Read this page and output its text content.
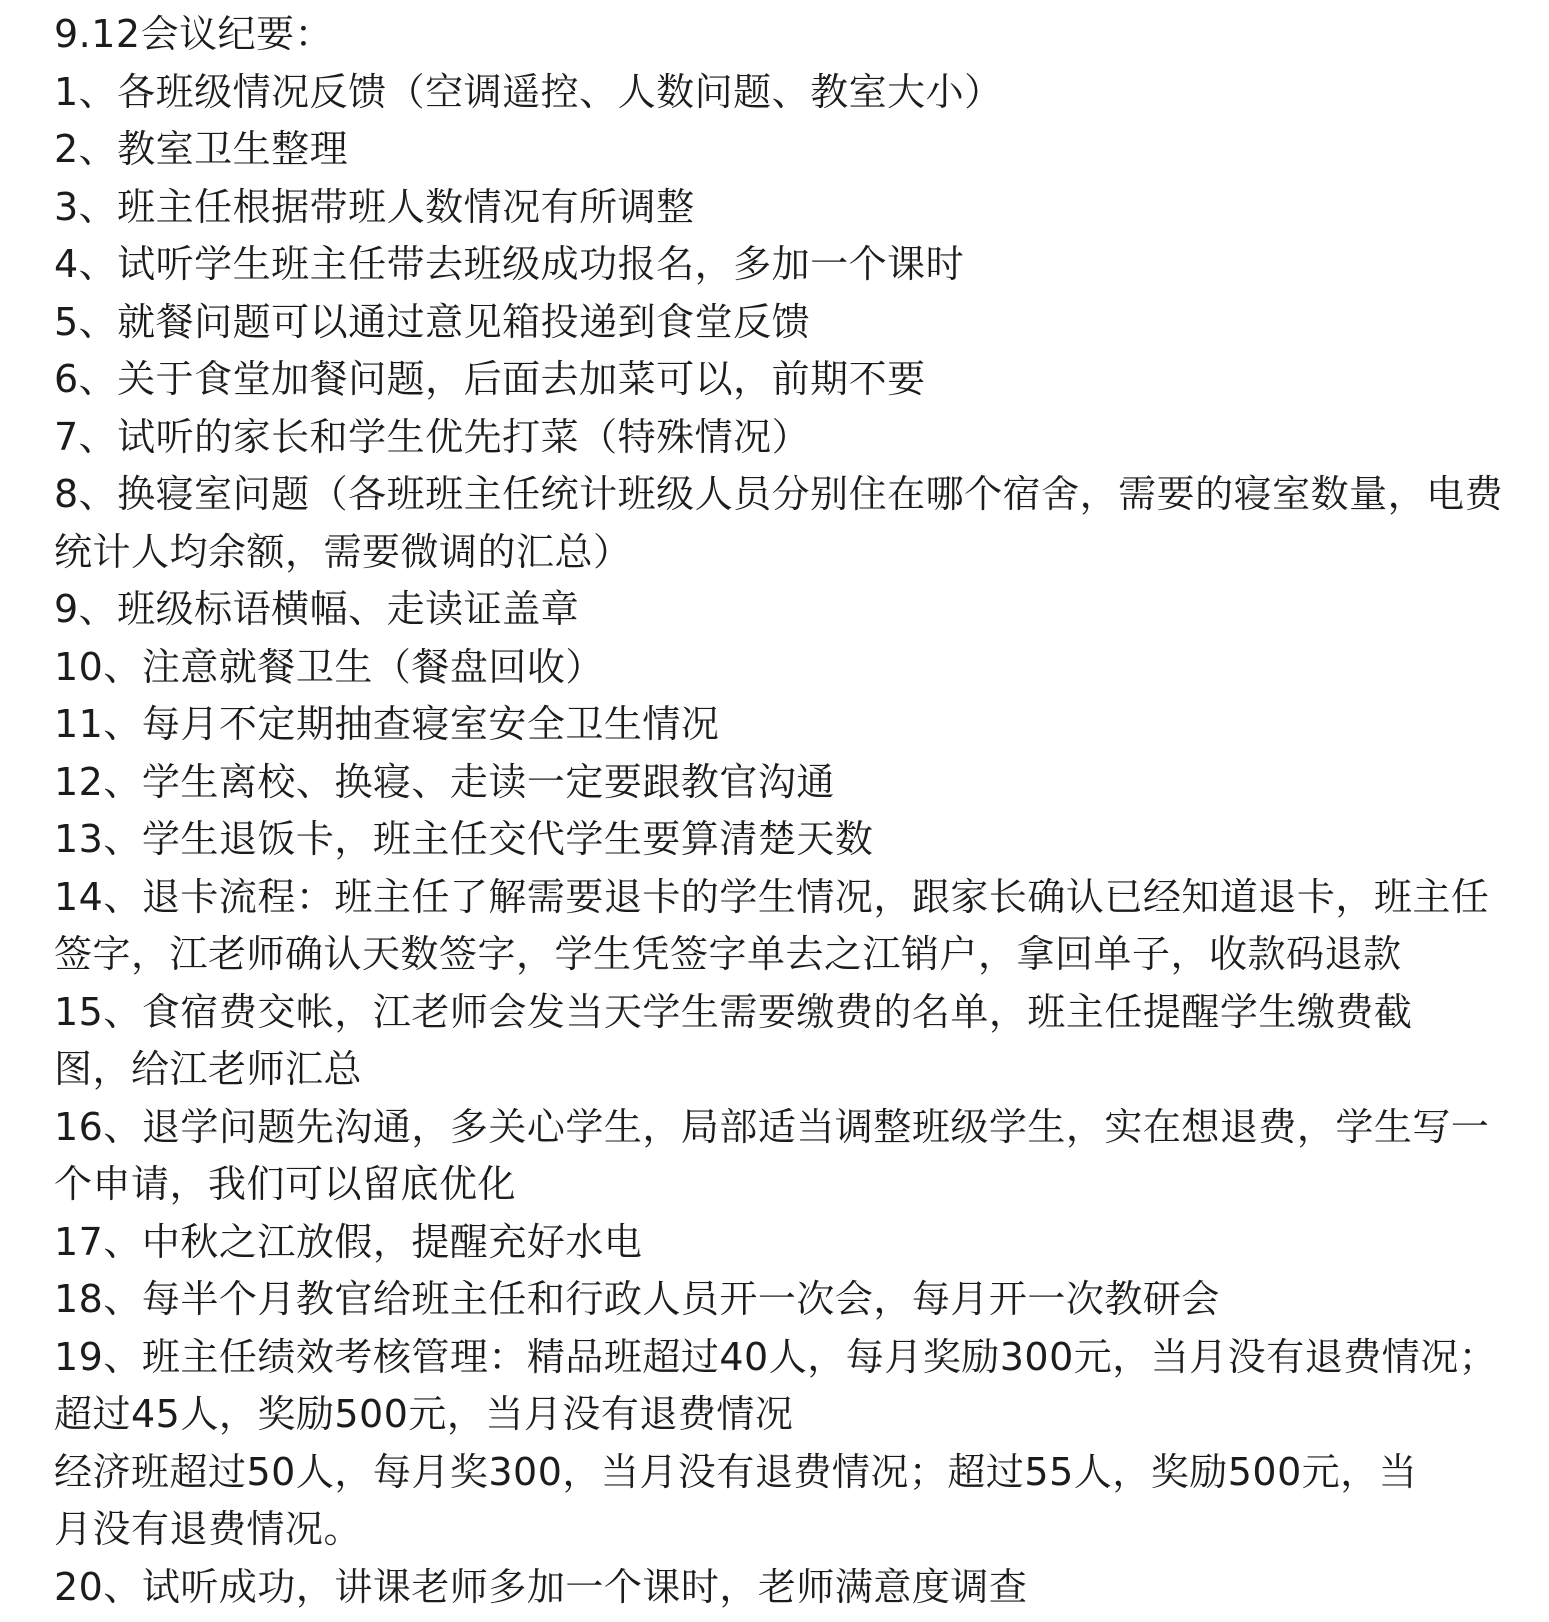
9.12会议纪要：
1、各班级情况反馈（空调遥控、人数问题、教室大小）
2、教室卫生整理
3、班主任根据带班人数情况有所调整
4、试听学生班主任带去班级成功报名，多加一个课时
5、就餐问题可以通过意见箱投递到食堂反馈
6、关于食堂加餐问题，后面去加菜可以，前期不要
7、试听的家长和学生优先打菜（特殊情况）
8、换寝室问题（各班班主任统计班级人员分别住在哪个宿舍，需要的寝室数量，电费
统计人均余额，需要微调的汇总）
9、班级标语横幅、走读证盖章
10、注意就餐卫生（餐盘回收）
11、每月不定期抽查寝室安全卫生情况
12、学生离校、换寝、走读一定要跟教官沟通
13、学生退饭卡，班主任交代学生要算清楚天数
14、退卡流程：班主任了解需要退卡的学生情况，跟家长确认已经知道退卡，班主任
签字，江老师确认天数签字，学生凭签字单去之江销户，拿回单子，收款码退款
15、食宿费交帐，江老师会发当天学生需要缴费的名单，班主任提醒学生缴费截
图，给江老师汇总
16、退学问题先沟通，多关心学生，局部适当调整班级学生，实在想退费，学生写一
个申请，我们可以留底优化
17、中秋之江放假，提醒充好水电
18、每半个月教官给班主任和行政人员开一次会，每月开一次教研会
19、班主任绩效考核管理：精品班超过40人，每月奖励300元，当月没有退费情况；
超过45人，奖励500元，当月没有退费情况
经济班超过50人，每月奖300，当月没有退费情况；超过55人，奖励500元，当
月没有退费情况。
20、试听成功，讲课老师多加一个课时，老师满意度调查
